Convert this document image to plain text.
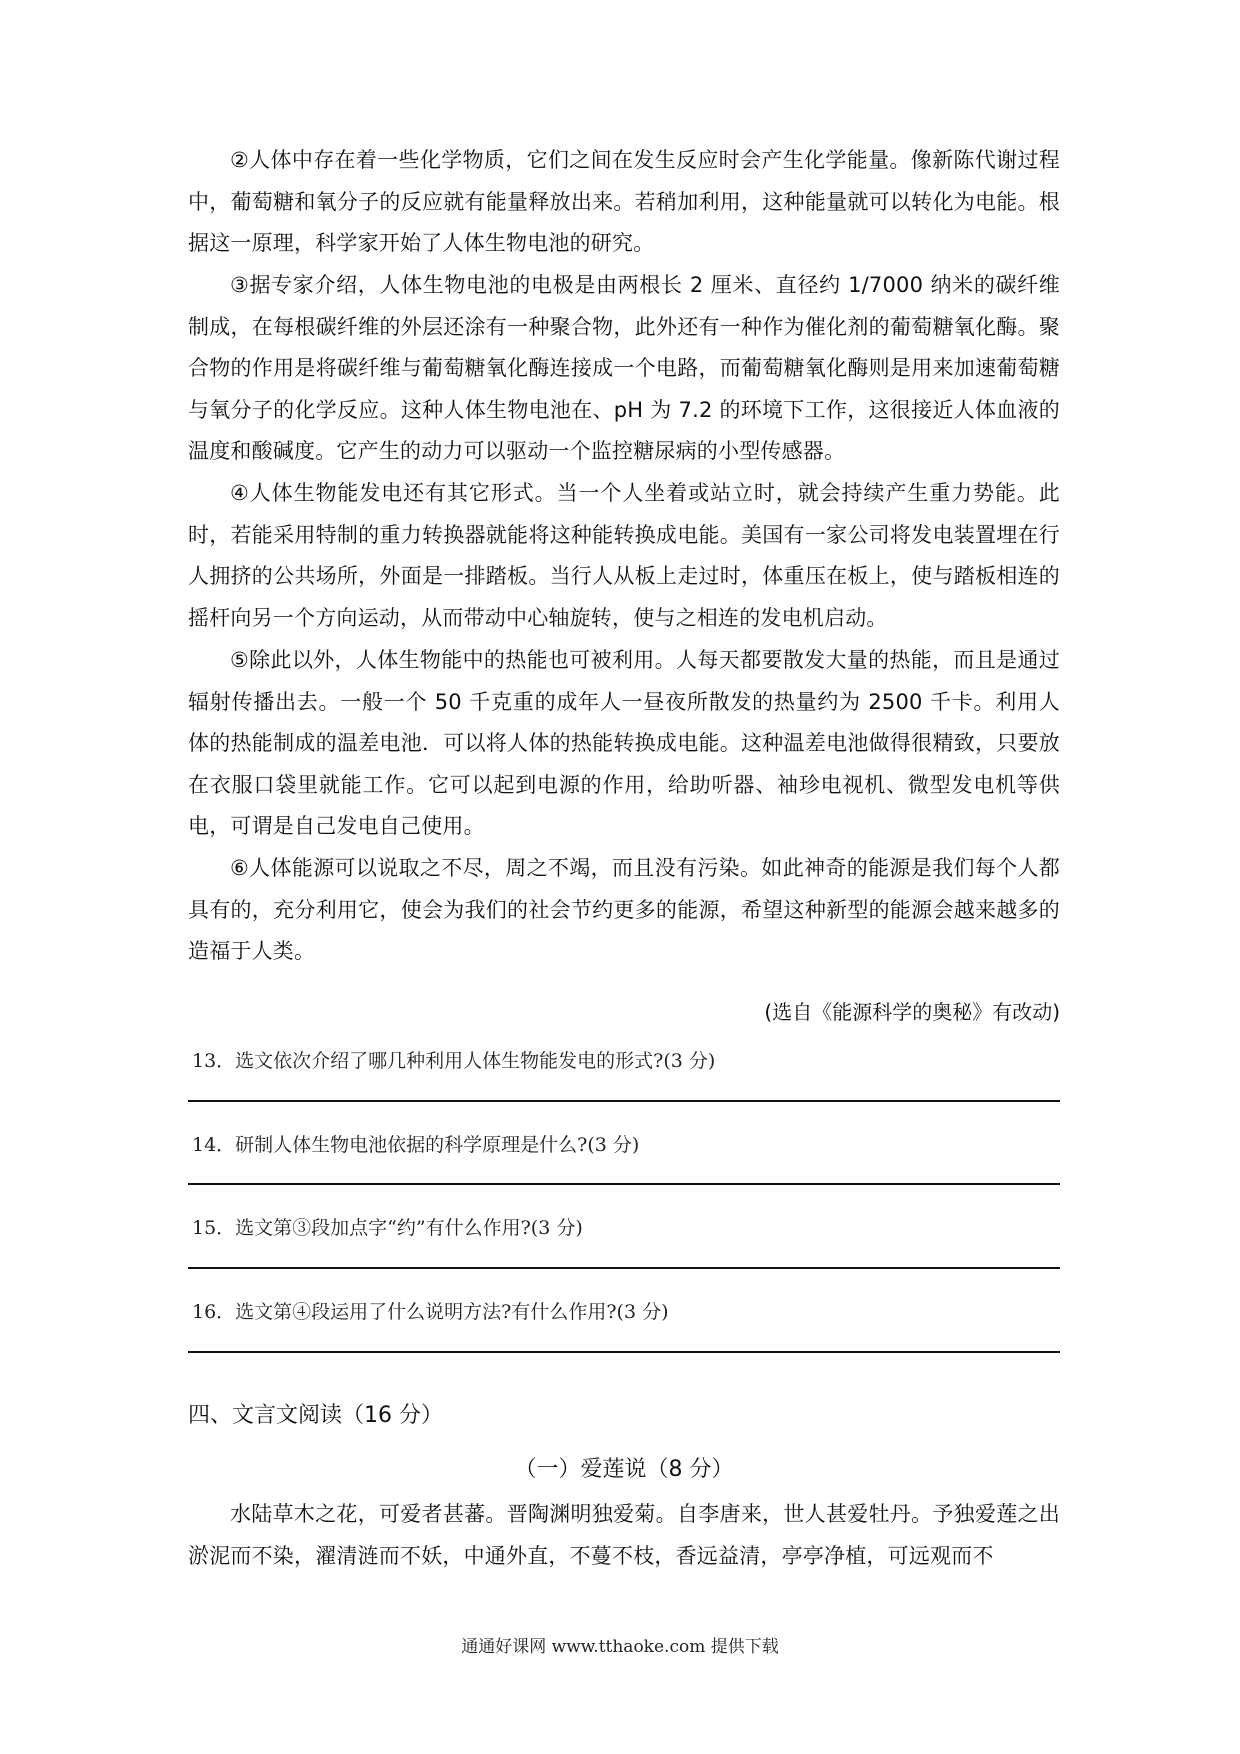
②人体中存在着一些化学物质，它们之间在发生反应时会产生化学能量。像新陈代谢过程中，葡萄糖和氧分子的反应就有能量释放出来。若稍加利用，这种能量就可以转化为电能。根据这一原理，科学家开始了人体生物电池的研究。

③据专家介绍，人体生物电池的电极是由两根长 2 厘米、直径约 1/7000 纳米的碳纤维制成，在每根碳纤维的外层还涂有一种聚合物，此外还有一种作为催化剂的葡萄糖氧化酶。聚合物的作用是将碳纤维与葡萄糖氧化酶连接成一个电路，而葡萄糖氧化酶则是用来加速葡萄糖与氧分子的化学反应。这种人体生物电池在、pH 为 7.2 的环境下工作，这很接近人体血液的温度和酸碱度。它产生的动力可以驱动一个监控糖尿病的小型传感器。

④人体生物能发电还有其它形式。当一个人坐着或站立时，就会持续产生重力势能。此时，若能采用特制的重力转换器就能将这种能转换成电能。美国有一家公司将发电装置埋在行人拥挤的公共场所，外面是一排踏板。当行人从板上走过时，体重压在板上，使与踏板相连的摇杆向另一个方向运动，从而带动中心轴旋转，使与之相连的发电机启动。

⑤除此以外，人体生物能中的热能也可被利用。人每天都要散发大量的热能，而且是通过辐射传播出去。一般一个 50 千克重的成年人一昼夜所散发的热量约为 2500 千卡。利用人体的热能制成的温差电池．可以将人体的热能转换成电能。这种温差电池做得很精致，只要放在衣服口袋里就能工作。它可以起到电源的作用，给助听器、袖珍电视机、微型发电机等供电，可谓是自己发电自己使用。

⑥人体能源可以说取之不尽，周之不竭，而且没有污染。如此神奇的能源是我们每个人都具有的，充分利用它，使会为我们的社会节约更多的能源，希望这种新型的能源会越来越多的造福于人类。

(选自《能源科学的奥秘》有改动)

13．选文依次介绍了哪几种利用人体生物能发电的形式?(3 分)

14．研制人体生物电池依据的科学原理是什么?(3 分)

15．选文第③段加点字“约”有什么作用?(3 分)

16．选文第④段运用了什么说明方法?有什么作用?(3 分)

四、文言文阅读（16 分）

（一）爱莲说（8 分）

水陆草木之花，可爱者甚蕃。晋陶渊明独爱菊。自李唐来，世人甚爱牡丹。予独爱莲之出淤泥而不染，濯清涟而不妖，中通外直，不蔓不枝，香远益清，亭亭净植，可远观而不

通通好课网 www.tthaoke.com 提供下载
